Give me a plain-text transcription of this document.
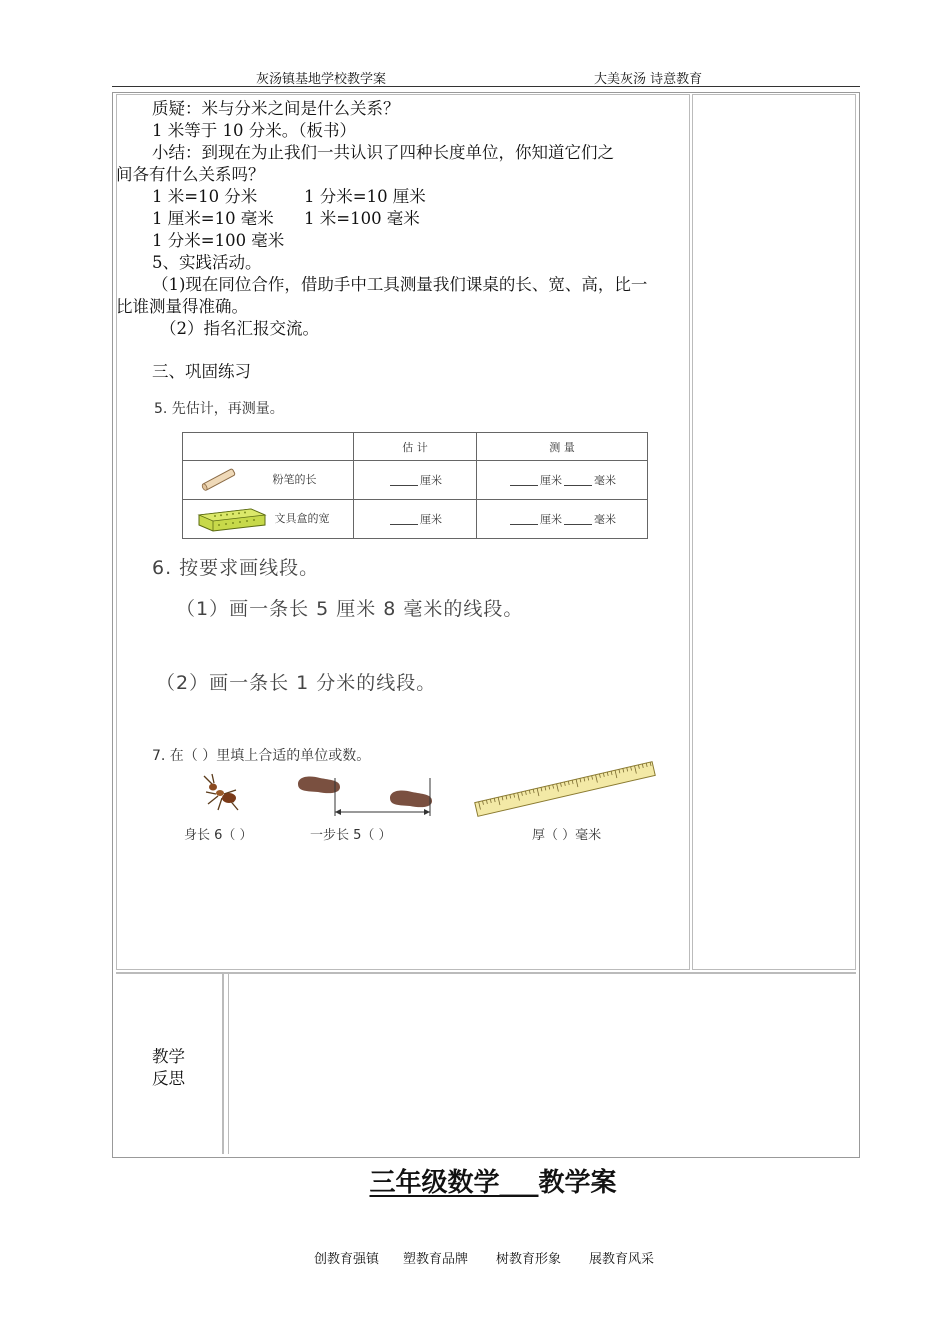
灰汤镇基地学校教学案	大美灰汤 诗意教育
质疑：米与分米之间是什么关系？
1 米等于 10 分米。（板书）
小结：到现在为止我们一共认识了四种长度单位，你知道它们之
间各有什么关系吗？
1 米=10 分米	1 分米=10 厘米
1 厘米=10 毫米 1 米=100 毫米
1 分米=100 毫米
5、实践活动。
（1)现在同位合作，借助手中工具测量我们课桌的长、宽、高，比一
比谁测量得准确。
（2）指名汇报交流。
三、巩固练习
5. 先估计，再测量。
	估 计	测 量
粉笔的长	厘米	厘米 毫米
文具盒的宽	厘米	厘米 毫米
6. 按要求画线段。
（1）画一条长 5 厘米 8 毫米的线段。
（2）画一条长 1 分米的线段。
7. 在（ ）里填上合适的单位或数。
身长 6（ ）	一步长 5（ ）	厚（ ）毫米
教学
反思
三年级数学___教学案
创教育强镇 塑教育品牌 树教育形象 展教育风采
